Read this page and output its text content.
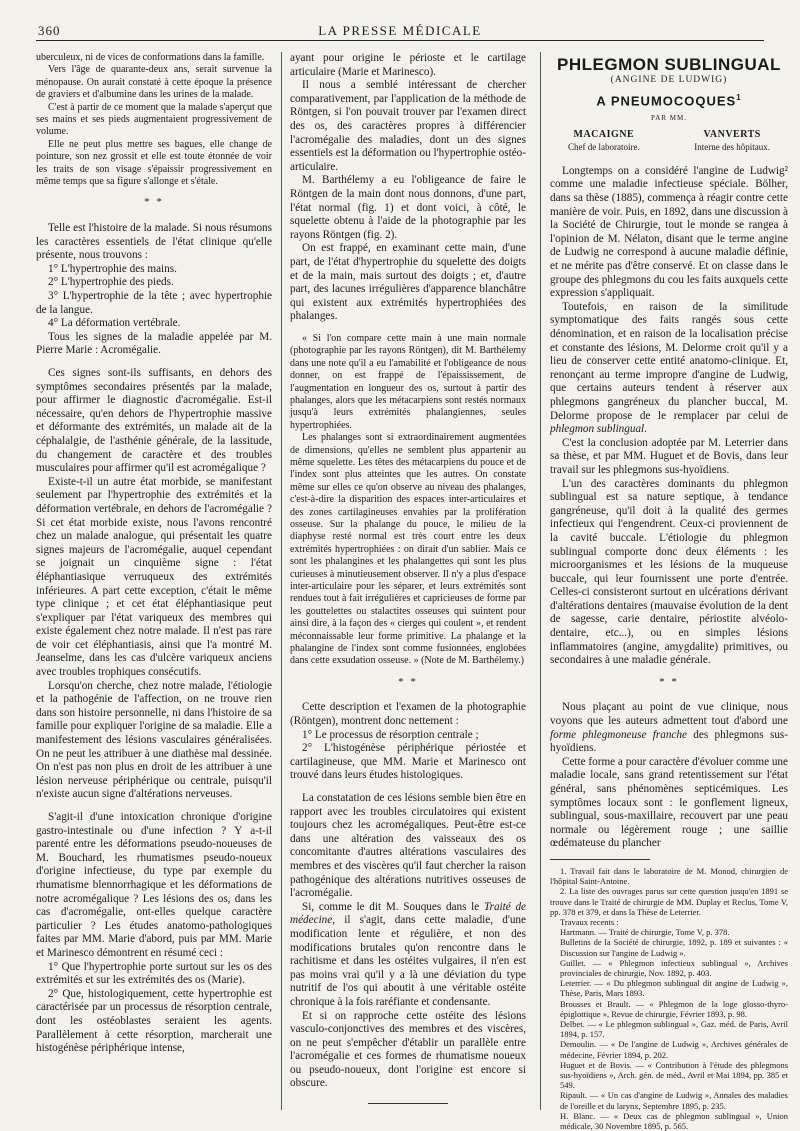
360	LA PRESSE MÉDICALE

uberculeux, ni de vices de conformations dans la famille.

Vers l'âge de quarante-deux ans, serait survenue la ménopause. On aurait constaté à cette époque la présence de graviers et d'albumine dans les urines de la malade.

C'est à partir de ce moment que la malade s'aperçut que ses mains et ses pieds augmentaient progressivement de volume.

Elle ne peut plus mettre ses bagues, elle change de pointure, son nez grossit et elle est toute étonnée de voir les traits de son visage s'épaissir progressivement en même temps que sa figure s'allonge et s'étale.

* *

Telle est l'histoire de la malade. Si nous résumons les caractères essentiels de l'état clinique qu'elle présente, nous trouvons :

1° L'hypertrophie des mains.

2° L'hypertrophie des pieds.

3° L'hypertrophie de la tête ; avec hypertrophie de la langue.

4° La déformation vertébrale.

Tous les signes de la maladie appelée par M. Pierre Marie : Acromégalie.

Ces signes sont-ils suffisants, en dehors des symptômes secondaires présentés par la malade, pour affirmer le diagnostic d'acromégalie. Est-il nécessaire, qu'en dehors de l'hypertrophie massive et déformante des extrémités, un malade ait de la céphalalgie, de l'asthénie générale, de la lassitude, du changement de caractère et des troubles musculaires pour affirmer qu'il est acromégalique ?

Existe-t-il un autre état morbide, se manifestant seulement par l'hypertrophie des extrémités et la déformation vertébrale, en dehors de l'acromégalie ? Si cet état morbide existe, nous l'avons rencontré chez un malade analogue, qui présentait les quatre signes majeurs de l'acromégalie, auquel cependant se joignait un cinquième signe : l'état éléphantiasique verruqueux des extrémités inférieures. A part cette exception, c'était le même type clinique ; et cet état éléphantiasique peut s'expliquer par l'état variqueux des membres qui existe également chez notre malade. Il n'est pas rare de voir cet éléphantiasis, ainsi que l'a montré M. Jeanselme, dans les cas d'ulcère variqueux anciens avec troubles trophiques consécutifs.

Lorsqu'on cherche, chez notre malade, l'étiologie et la pathogénie de l'affection, on ne trouve rien dans son histoire personnelle, ni dans l'histoire de sa famille pour expliquer l'origine de sa maladie. Elle a manifestement des lésions vasculaires généralisées. On ne peut les attribuer à une diathèse mal dessinée. On n'est pas non plus en droit de les attribuer à une lésion nerveuse périphérique ou centrale, puisqu'il n'existe aucun signe d'altérations nerveuses.

S'agit-il d'une intoxication chronique d'origine gastro-intestinale ou d'une infection ? Y a-t-il parenté entre les déformations pseudo-noueuses de M. Bouchard, les rhumatismes pseudo-noueux d'origine infectieuse, du type par exemple du rhumatisme blennorrhagique et les déformations de notre acromégalique ? Les lésions des os, dans les cas d'acromégalie, ont-elles quelque caractère particulier ? Les études anatomo-pathologiques faites par MM. Marie d'abord, puis par MM. Marie et Marinesco démontrent en résumé ceci :

1° Que l'hypertrophie porte surtout sur les os des extrémités et sur les extrémités des os (Marie).

2° Que, histologiquement, cette hypertrophie est caractérisée par un processus de résorption centrale, dont les ostéoblastes seraient les agents. Parallèlement à cette résorption, marcherait une histogénèse périphérique intense,

ayant pour origine le périoste et le cartilage articulaire (Marie et Marinesco).

Il nous a semblé intéressant de chercher comparativement, par l'application de la méthode de Röntgen, si l'on pouvait trouver par l'examen direct des os, des caractères propres à différencier l'acromégalie des maladies, dont un des signes essentiels est la déformation ou l'hypertrophie ostéo-articulaire.

M. Barthélemy a eu l'obligeance de faire le Röntgen de la main dont nous donnons, d'une part, l'état normal (fig. 1) et dont voici, à côté, le squelette obtenu à l'aide de la photographie par les rayons Röntgen (fig. 2).

On est frappé, en examinant cette main, d'une part, de l'état d'hypertrophie du squelette des doigts et de la main, mais surtout des doigts ; et, d'autre part, des lacunes irrégulières d'apparence blanchâtre qui existent aux extrémités hypertrophiées des phalanges.

« Si l'on compare cette main à une main normale (photographie par les rayons Röntgen), dit M. Barthélemy dans une note qu'il a eu l'amabilité et l'obligeance de nous donner, on est frappé de l'épaississement, de l'augmentation en longueur des os, surtout à partir des phalanges, alors que les métacarpiens sont restés normaux jusqu'à leurs extrémités phalangiennes, seules hypertrophiées.

Les phalanges sont si extraordinairement augmentées de dimensions, qu'elles ne semblent plus appartenir au même squelette. Les têtes des métacarpiens du pouce et de l'index sont plus atteintes que les autres. On constate même sur elles ce qu'on observe au niveau des phalanges, c'est-à-dire la disparition des espaces inter-articulaires et des zones cartilagineuses envahies par la prolifération osseuse. Sur la phalange du pouce, le milieu de la diaphyse resté normal est très court entre les deux extrémités hypertrophiées : on dirait d'un sablier. Mais ce sont les phalangines et les phalangettes qui sont les plus curieuses à minutieusement observer. Il n'y a plus d'espace inter-articulaire pour les séparer, et leurs extrémités sont rendues tout à fait irrégulières et capricieuses de forme par les gouttelettes ou stalactites osseuses qui suintent pour ainsi dire, à la façon des « cierges qui coulent », et rendent méconnaissable leur forme primitive. La phalange et la phalangine de l'index sont comme fusionnées, englobées dans cette exsudation osseuse. » (Note de M. Barthélemy.)

* *

Cette description et l'examen de la photographie (Röntgen), montrent donc nettement :

1° Le processus de résorption centrale ;

2° L'histogénèse périphérique périostée et cartilagineuse, que MM. Marie et Marinesco ont trouvé dans leurs études histologiques.

La constatation de ces lésions semble bien être en rapport avec les troubles circulatoires qui existent toujours chez les acromégaliques. Peut-être est-ce dans une altération des vaisseaux des os concomitante d'autres altérations vasculaires des membres et des viscères qu'il faut chercher la raison pathogénique des altérations nutritives osseuses de l'acromégalie.

Si, comme le dit M. Souques dans le Traité de médecine, il s'agit, dans cette maladie, d'une modification lente et régulière, et non des modifications brutales qu'on rencontre dans le rachitisme et dans les ostéites vulgaires, il n'en est pas moins vrai qu'il y a là une déviation du type nutritif de l'os qui aboutit à une véritable ostéite chronique à la fois raréfiante et condensante.

Et si on rapproche cette ostéite des lésions vasculo-conjonctives des membres et des viscères, on ne peut s'empêcher d'établir un parallèle entre l'acromégalie et ces formes de rhumatisme noueux ou pseudo-noueux, dont l'origine est encore si obscure.

PHLEGMON SUBLINGUAL
(ANGINE DE LUDWIG)
A PNEUMOCOQUES$^1$
PAR MM.
MACAIGNE
Chef de laboratoire.
VANVERTS
Interne des hôpitaux.

Longtemps on a considéré l'angine de Ludwig² comme une maladie infectieuse spéciale. Bölher, dans sa thèse (1885), commença à réagir contre cette manière de voir. Puis, en 1892, dans une discussion à la Société de Chirurgie, tout le monde se rangea à l'opinion de M. Nélaton, disant que le terme angine de Ludwig ne correspond à aucune maladie définie, et ne mérite pas d'être conservé. Et on classe dans le groupe des phlegmons du cou les faits auxquels cette expression s'appliquait.

Toutefois, en raison de la similitude symptomatique des faits rangés sous cette dénomination, et en raison de la localisation précise et constante des lésions, M. Delorme croit qu'il y a lieu de conserver cette entité anatomo-clinique. Et, renonçant au terme impropre d'angine de Ludwig, que certains auteurs tendent à réserver aux phlegmons gangréneux du plancher buccal, M. Delorme propose de le remplacer par celui de phlegmon sublingual.

C'est la conclusion adoptée par M. Leterrier dans sa thèse, et par MM. Huguet et de Bovis, dans leur travail sur les phlegmons sus-hyoïdiens.

L'un des caractères dominants du phlegmon sublingual est sa nature septique, à tendance gangréneuse, qu'il doit à la qualité des germes infectieux qui l'engendrent. Ceux-ci proviennent de la cavité buccale. L'étiologie du phlegmon sublingual comporte donc deux éléments : les microorganismes et les lésions de la muqueuse buccale, qui leur fournissent une porte d'entrée. Celles-ci consisteront surtout en ulcérations dérivant d'altérations dentaires (mauvaise évolution de la dent de sagesse, carie dentaire, périostite alvéolo-dentaire, etc...), ou en simples lésions inflammatoires (angine, amygdalite) primitives, ou secondaires à une maladie générale.

* *

Nous plaçant au point de vue clinique, nous voyons que les auteurs admettent tout d'abord une forme phlegmoneuse franche des phlegmons sus-hyoïdiens.

Cette forme a pour caractère d'évoluer comme une maladie locale, sans grand retentissement sur l'état général, sans phénomènes septicémiques. Les symptômes locaux sont : le gonflement ligneux, sublingual, sous-maxillaire, recouvert par une peau normale ou légèrement rouge ; une saillie œdémateuse du plancher

1. Travail fait dans le laboratoire de M. Monod, chirurgien de l'hôpital Saint-Antoine.

2. La liste des ouvrages parus sur cette question jusqu'en 1891 se trouve dans le Traité de chirurgie de MM. Duplay et Reclus, Tome V, pp. 378 et 379, et dans la Thèse de Leterrier.

Travaux recents :

Hartmann. — Traité de chirurgie, Tome V, p. 378.

Bulletins de la Société de chirurgie, 1892, p. 189 et suivantes : « Discussion sur l'angine de Ludwig ».

Guillet. — « Phlegmon infectieux sublingual », Archives provinciales de chirurgie, Nov. 1892, p. 403.

Leterrier. — « Du phlegmon sublingual dit angine de Ludwig », Thèse, Paris, Mars 1893.

Brousses et Brault. — « Phlegmon de la loge glosso-thyro-épiglottique », Revue de chirurgie, Février 1893, p. 98.

Delbet. — « Le phlegmon sublingual », Gaz. méd. de Paris, Avril 1894, p. 157.

Demoulin. — « De l'angine de Ludwig », Archives générales de médecine, Février 1894, p. 202.

Huguet et de Bovis. — « Contribution à l'étude des phlegmons sus-hyoïdiens », Arch. gén. de méd., Avril et Mai 1894, pp. 385 et 549.

Ripault. — « Un cas d'angine de Ludwig », Annales des maladies de l'oreille et du larynx, Septembre 1895, p. 235.

H. Blanc. — « Deux cas de phlegmon sublingual », Union médicale, 30 Novembre 1895, p. 565.
